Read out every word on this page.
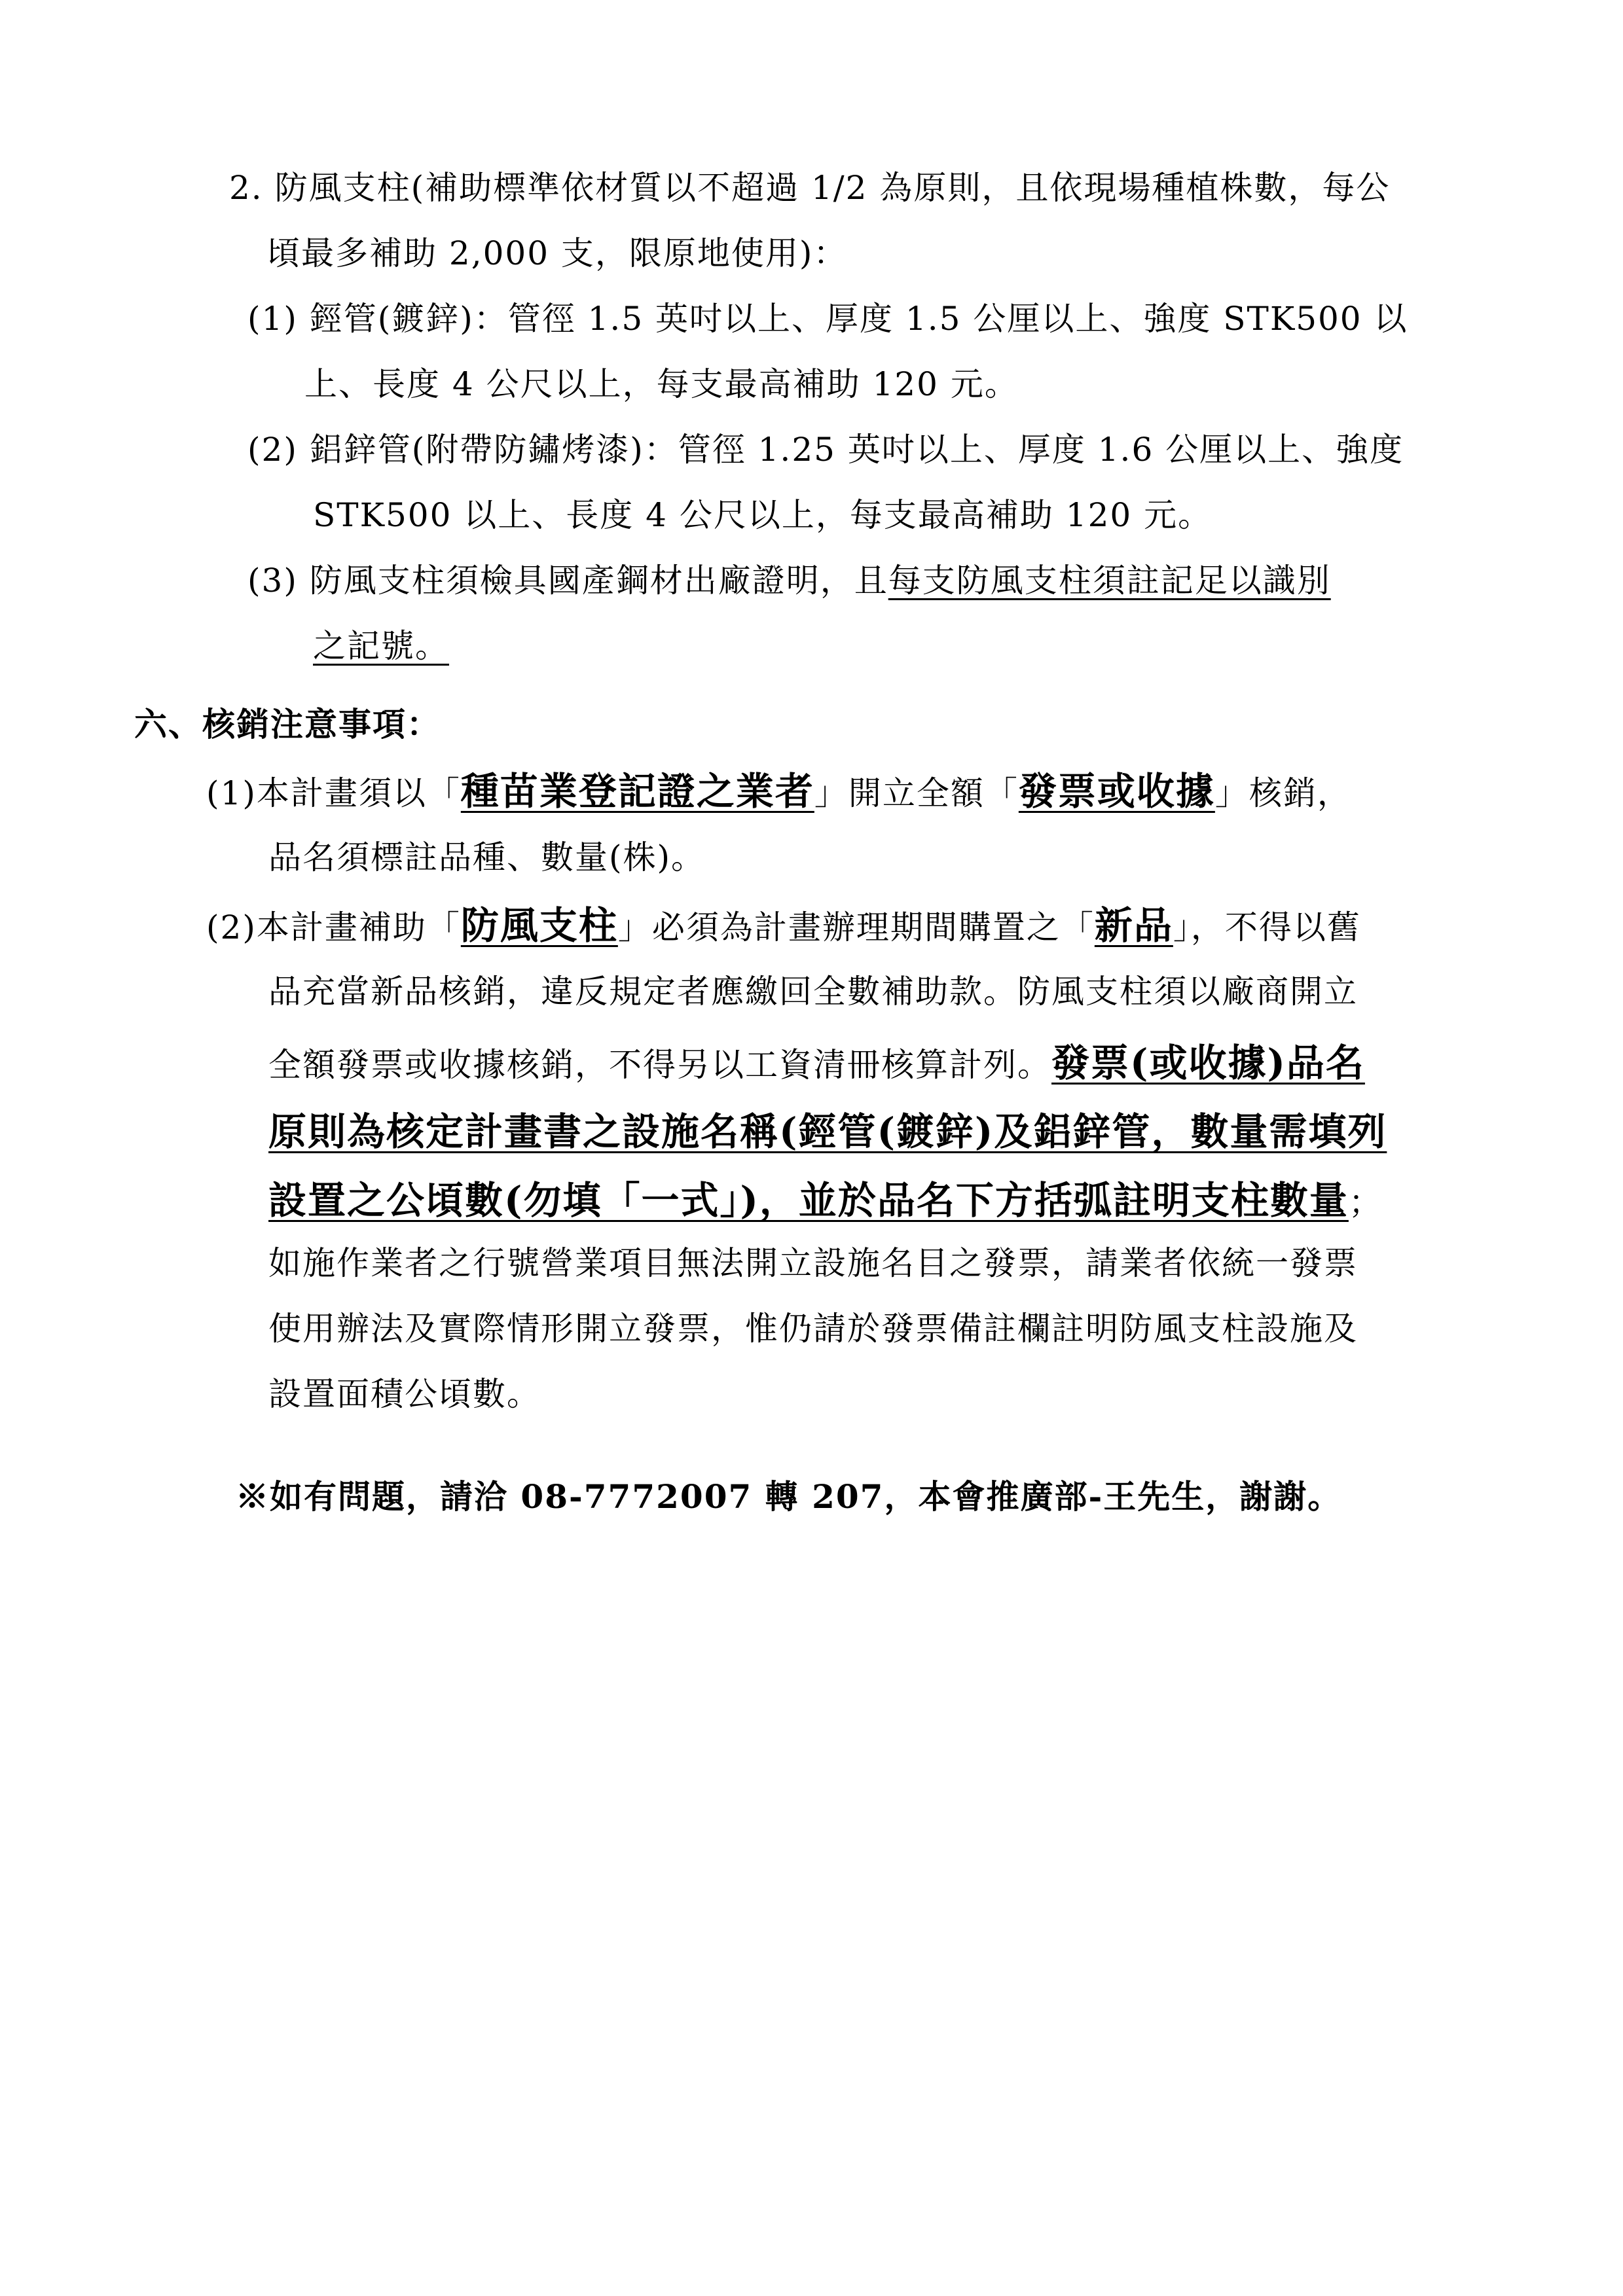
2. 防風支柱(補助標準依材質以不超過 1/2 為原則，且依現場種植株數，每公
頃最多補助 2,000 支，限原地使用)：
(1) 鋞管(鍍鋅)：管徑 1.5 英吋以上、厚度 1.5 公厘以上、強度 STK500 以
上、長度 4 公尺以上，每支最高補助 120 元。
(2) 鋁鋅管(附帶防鏽烤漆)：管徑 1.25 英吋以上、厚度 1.6 公厘以上、強度
STK500 以上、長度 4 公尺以上，每支最高補助 120 元。
(3) 防風支柱須檢具國產鋼材出廠證明，且每支防風支柱須註記足以識別
之記號。
六、核銷注意事項：
(1)本計畫須以「種苗業登記證之業者」開立全額「發票或收據」核銷，
品名須標註品種、數量(株)。
(2)本計畫補助「防風支柱」必須為計畫辦理期間購置之「新品」，不得以舊
品充當新品核銷，違反規定者應繳回全數補助款。防風支柱須以廠商開立
全額發票或收據核銷，不得另以工資清冊核算計列。發票(或收據)品名
原則為核定計畫書之設施名稱(鋞管(鍍鋅)及鋁鋅管，數量需填列
設置之公頃數(勿填「一式」)，並於品名下方括弧註明支柱數量；
如施作業者之行號營業項目無法開立設施名目之發票，請業者依統一發票
使用辦法及實際情形開立發票，惟仍請於發票備註欄註明防風支柱設施及
設置面積公頃數。
※如有問題，請洽 08-7772007 轉 207，本會推廣部-王先生，謝謝。
